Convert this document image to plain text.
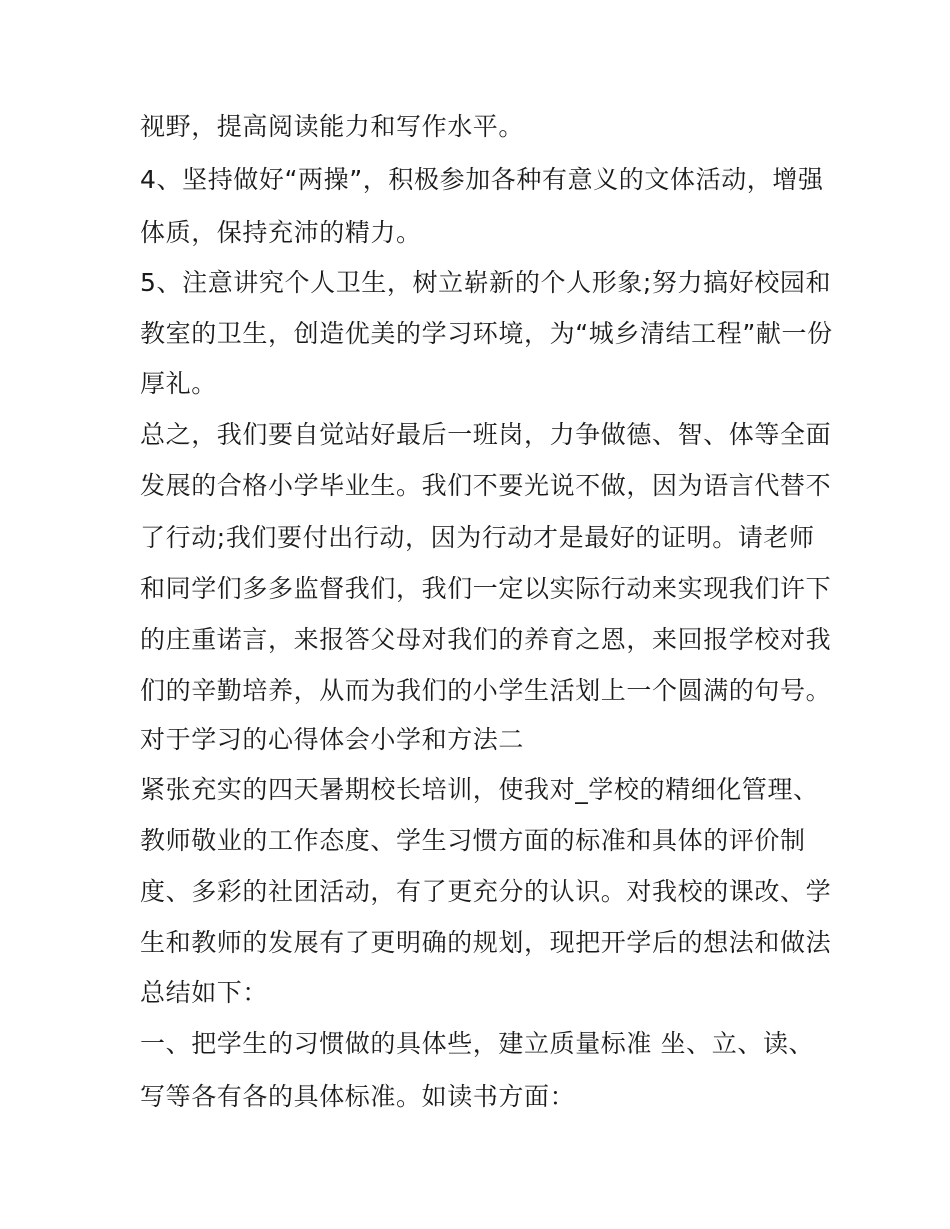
视野，提高阅读能力和写作水平。
4、坚持做好“两操”，积极参加各种有意义的文体活动，增强
体质，保持充沛的精力。
5、注意讲究个人卫生，树立崭新的个人形象;努力搞好校园和
教室的卫生，创造优美的学习环境，为“城乡清结工程”献一份
厚礼。
总之，我们要自觉站好最后一班岗，力争做德、智、体等全面
发展的合格小学毕业生。我们不要光说不做，因为语言代替不
了行动;我们要付出行动，因为行动才是最好的证明。请老师
和同学们多多监督我们，我们一定以实际行动来实现我们许下
的庄重诺言，来报答父母对我们的养育之恩，来回报学校对我
们的辛勤培养，从而为我们的小学生活划上一个圆满的句号。
对于学习的心得体会小学和方法二
紧张充实的四天暑期校长培训，使我对_学校的精细化管理、
教师敬业的工作态度、学生习惯方面的标准和具体的评价制
度、多彩的社团活动，有了更充分的认识。对我校的课改、学
生和教师的发展有了更明确的规划，现把开学后的想法和做法
总结如下：
一、把学生的习惯做的具体些，建立质量标准 坐、立、读、
写等各有各的具体标准。如读书方面：
